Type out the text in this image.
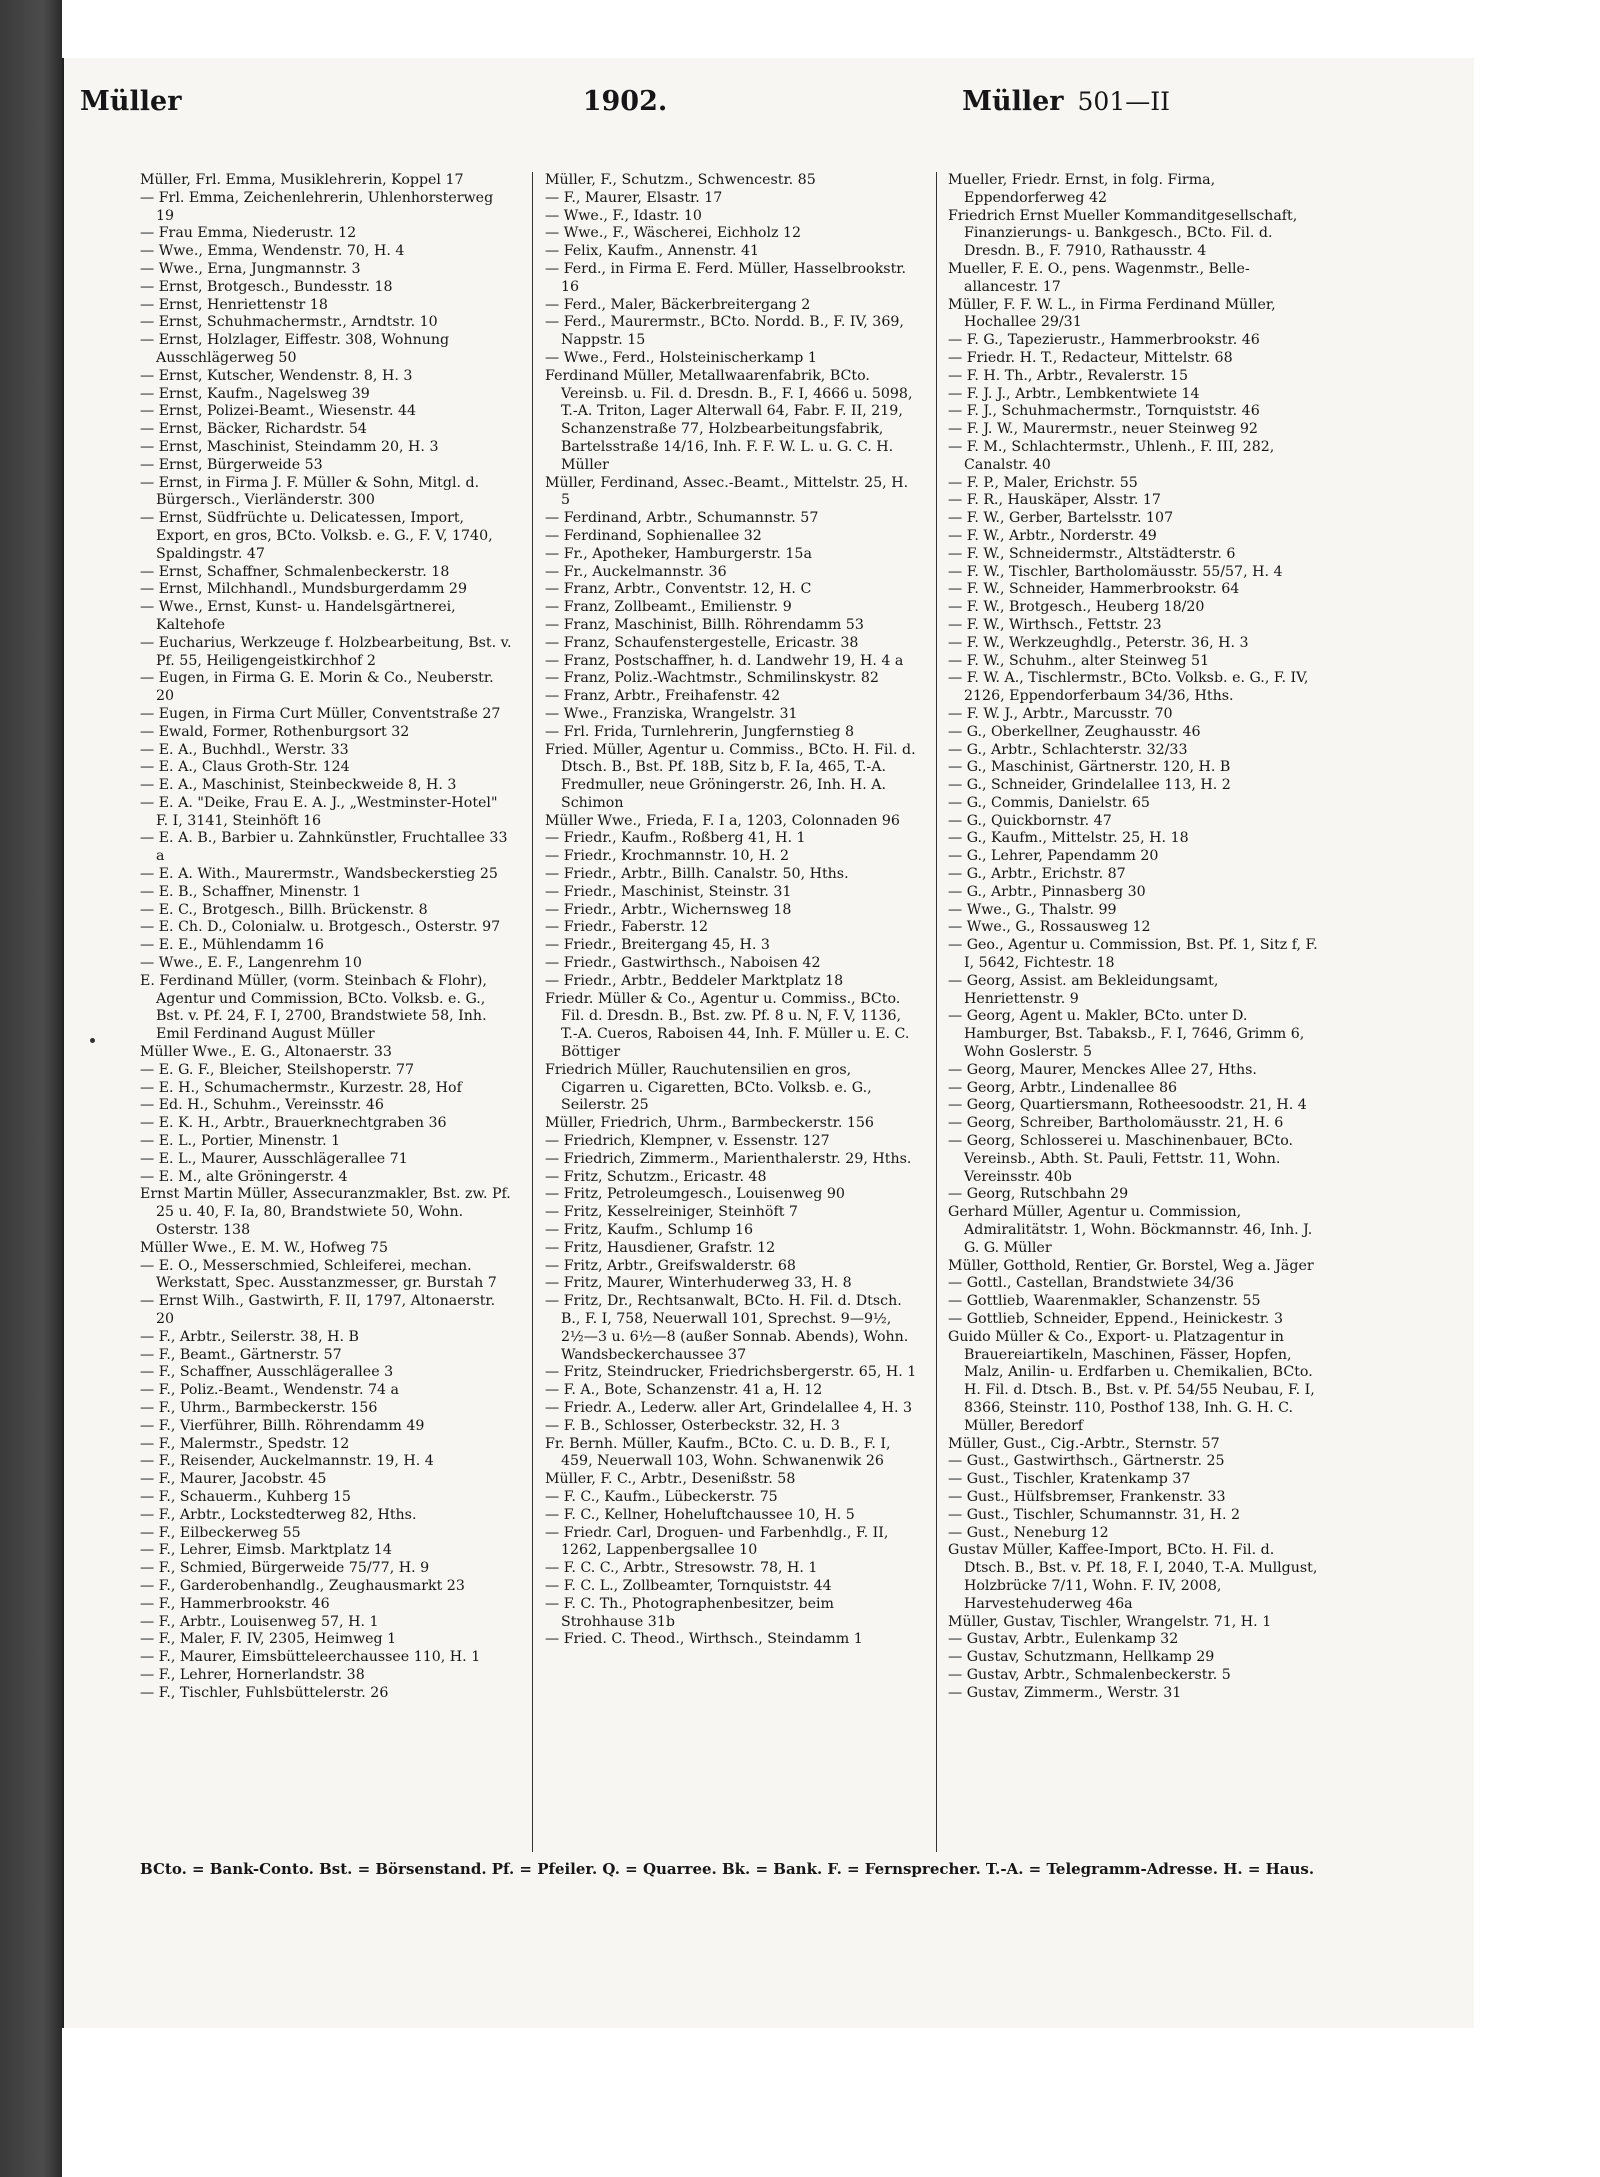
1902.
Müller	Müller 501—II

Müller, Frl. Emma, Musiklehrerin, Koppel 17

— Frl. Emma, Zeichenlehrerin, Uhlenhorsterweg 19

— Frau Emma, Niederustr. 12

— Wwe., Emma, Wendenstr. 70, H. 4

— Wwe., Erna, Jungmannstr. 3

— Ernst, Brotgesch., Bundesstr. 18

— Ernst, Henriettenstr 18

— Ernst, Schuhmachermstr., Arndtstr. 10

— Ernst, Holzlager, Eiffestr. 308, Wohnung Ausschlägerweg 50

— Ernst, Kutscher, Wendenstr. 8, H. 3

— Ernst, Kaufm., Nagelsweg 39

— Ernst, Polizei-Beamt., Wiesenstr. 44

— Ernst, Bäcker, Richardstr. 54

— Ernst, Maschinist, Steindamm 20, H. 3

— Ernst, Bürgerweide 53

— Ernst, in Firma J. F. Müller & Sohn, Mitgl. d. Bürgersch., Vierländerstr. 300

— Ernst, Südfrüchte u. Delicatessen, Import, Export, en gros, BCto. Volksb. e. G., F. V, 1740, Spaldingstr. 47

— Ernst, Schaffner, Schmalenbeckerstr. 18

— Ernst, Milchhandl., Mundsburgerdamm 29

— Wwe., Ernst, Kunst- u. Handelsgärtnerei, Kaltehofe

— Eucharius, Werkzeuge f. Holzbearbeitung, Bst. v. Pf. 55, Heiligengeistkirchhof 2

— Eugen, in Firma G. E. Morin & Co., Neuberstr. 20

— Eugen, in Firma Curt Müller, Conventstraße 27

— Ewald, Former, Rothenburgsort 32

— E. A., Buchhdl., Werstr. 33

— E. A., Claus Groth-Str. 124

— E. A., Maschinist, Steinbeckweide 8, H. 3

— E. A. "Deike, Frau E. A. J., „Westminster-Hotel" F. I, 3141, Steinhöft 16

— E. A. B., Barbier u. Zahnkünstler, Fruchtallee 33 a

— E. A. With., Maurermstr., Wandsbeckerstieg 25

— E. B., Schaffner, Minenstr. 1

— E. C., Brotgesch., Billh. Brückenstr. 8

— E. Ch. D., Colonialw. u. Brotgesch., Osterstr. 97

— E. E., Mühlendamm 16

— Wwe., E. F., Langenrehm 10

E. Ferdinand Müller, (vorm. Steinbach & Flohr), Agentur und Commission, BCto. Volksb. e. G., Bst. v. Pf. 24, F. I, 2700, Brandstwiete 58, Inh. Emil Ferdinand August Müller

Müller Wwe., E. G., Altonaerstr. 33

— E. G. F., Bleicher, Steilshoperstr. 77

— E. H., Schumachermstr., Kurzestr. 28, Hof

— Ed. H., Schuhm., Vereinsstr. 46

— E. K. H., Arbtr., Brauerknechtgraben 36

— E. L., Portier, Minenstr. 1

— E. L., Maurer, Ausschlägerallee 71

— E. M., alte Gröningerstr. 4

Ernst Martin Müller, Assecuranzmakler, Bst. zw. Pf. 25 u. 40, F. Ia, 80, Brandstwiete 50, Wohn. Osterstr. 138

Müller Wwe., E. M. W., Hofweg 75

— E. O., Messerschmied, Schleiferei, mechan. Werkstatt, Spec. Ausstanzmesser, gr. Burstah 7

— Ernst Wilh., Gastwirth, F. II, 1797, Altonaerstr. 20

— F., Arbtr., Seilerstr. 38, H. B

— F., Beamt., Gärtnerstr. 57

— F., Schaffner, Ausschlägerallee 3

— F., Poliz.-Beamt., Wendenstr. 74 a

— F., Uhrm., Barmbeckerstr. 156

— F., Vierführer, Billh. Röhrendamm 49

— F., Malermstr., Spedstr. 12

— F., Reisender, Auckelmannstr. 19, H. 4

— F., Maurer, Jacobstr. 45

— F., Schauerm., Kuhberg 15

— F., Arbtr., Lockstedterweg 82, Hths.

— F., Eilbeckerweg 55

— F., Lehrer, Eimsb. Marktplatz 14

— F., Schmied, Bürgerweide 75/77, H. 9

— F., Garderobenhandlg., Zeughausmarkt 23

— F., Hammerbrookstr. 46

— F., Arbtr., Louisenweg 57, H. 1

— F., Maler, F. IV, 2305, Heimweg 1

— F., Maurer, Eimsbütteleerchaussee 110, H. 1

— F., Lehrer, Hornerlandstr. 38

— F., Tischler, Fuhlsbüttelerstr. 26

Müller, F., Schutzm., Schwencestr. 85

— F., Maurer, Elsastr. 17

— Wwe., F., Idastr. 10

— Wwe., F., Wäscherei, Eichholz 12

— Felix, Kaufm., Annenstr. 41

— Ferd., in Firma E. Ferd. Müller, Hasselbrookstr. 16

— Ferd., Maler, Bäckerbreitergang 2

— Ferd., Maurermstr., BCto. Nordd. B., F. IV, 369, Nappstr. 15

— Wwe., Ferd., Holsteinischerkamp 1

Ferdinand Müller, Metallwaarenfabrik, BCto. Vereinsb. u. Fil. d. Dresdn. B., F. I, 4666 u. 5098, T.-A. Triton, Lager Alterwall 64, Fabr. F. II, 219, Schanzenstraße 77, Holzbearbeitungsfabrik, Bartelsstraße 14/16, Inh. F. F. W. L. u. G. C. H. Müller

Müller, Ferdinand, Assec.-Beamt., Mittelstr. 25, H. 5

— Ferdinand, Arbtr., Schumannstr. 57

— Ferdinand, Sophienallee 32

— Fr., Apotheker, Hamburgerstr. 15a

— Fr., Auckelmannstr. 36

— Franz, Arbtr., Conventstr. 12, H. C

— Franz, Zollbeamt., Emilienstr. 9

— Franz, Maschinist, Billh. Röhrendamm 53

— Franz, Schaufenstergestelle, Ericastr. 38

— Franz, Postschaffner, h. d. Landwehr 19, H. 4 a

— Franz, Poliz.-Wachtmstr., Schmilinskystr. 82

— Franz, Arbtr., Freihafenstr. 42

— Wwe., Franziska, Wrangelstr. 31

— Frl. Frida, Turnlehrerin, Jungfernstieg 8

Fried. Müller, Agentur u. Commiss., BCto. H. Fil. d. Dtsch. B., Bst. Pf. 18B, Sitz b, F. Ia, 465, T.-A. Fredmuller, neue Gröningerstr. 26, Inh. H. A. Schimon

Müller Wwe., Frieda, F. I a, 1203, Colonnaden 96

— Friedr., Kaufm., Roßberg 41, H. 1

— Friedr., Krochmannstr. 10, H. 2

— Friedr., Arbtr., Billh. Canalstr. 50, Hths.

— Friedr., Maschinist, Steinstr. 31

— Friedr., Arbtr., Wichernsweg 18

— Friedr., Faberstr. 12

— Friedr., Breitergang 45, H. 3

— Friedr., Gastwirthsch., Naboisen 42

— Friedr., Arbtr., Beddeler Marktplatz 18

Friedr. Müller & Co., Agentur u. Commiss., BCto. Fil. d. Dresdn. B., Bst. zw. Pf. 8 u. N, F. V, 1136, T.-A. Cueros, Raboisen 44, Inh. F. Müller u. E. C. Böttiger

Friedrich Müller, Rauchutensilien en gros, Cigarren u. Cigaretten, BCto. Volksb. e. G., Seilerstr. 25

Müller, Friedrich, Uhrm., Barmbeckerstr. 156

— Friedrich, Klempner, v. Essenstr. 127

— Friedrich, Zimmerm., Marienthalerstr. 29, Hths.

— Fritz, Schutzm., Ericastr. 48

— Fritz, Petroleumgesch., Louisenweg 90

— Fritz, Kesselreiniger, Steinhöft 7

— Fritz, Kaufm., Schlump 16

— Fritz, Hausdiener, Grafstr. 12

— Fritz, Arbtr., Greifswalderstr. 68

— Fritz, Maurer, Winterhuderweg 33, H. 8

— Fritz, Dr., Rechtsanwalt, BCto. H. Fil. d. Dtsch. B., F. I, 758, Neuerwall 101, Sprechst. 9—9½, 2½—3 u. 6½—8 (außer Sonnab. Abends), Wohn. Wandsbeckerchaussee 37

— Fritz, Steindrucker, Friedrichsbergerstr. 65, H. 1

— F. A., Bote, Schanzenstr. 41 a, H. 12

— Friedr. A., Lederw. aller Art, Grindelallee 4, H. 3

— F. B., Schlosser, Osterbeckstr. 32, H. 3

Fr. Bernh. Müller, Kaufm., BCto. C. u. D. B., F. I, 459, Neuerwall 103, Wohn. Schwanenwik 26

Müller, F. C., Arbtr., Desenißstr. 58

— F. C., Kaufm., Lübeckerstr. 75

— F. C., Kellner, Hoheluftchaussee 10, H. 5

— Friedr. Carl, Droguen- und Farbenhdlg., F. II, 1262, Lappenbergsallee 10

— F. C. C., Arbtr., Stresowstr. 78, H. 1

— F. C. L., Zollbeamter, Tornquiststr. 44

— F. C. Th., Photographenbesitzer, beim Strohhause 31b

— Fried. C. Theod., Wirthsch., Steindamm 1

Mueller, Friedr. Ernst, in folg. Firma, Eppendorferweg 42

Friedrich Ernst Mueller Kommanditgesellschaft, Finanzierungs- u. Bankgesch., BCto. Fil. d. Dresdn. B., F. 7910, Rathausstr. 4

Mueller, F. E. O., pens. Wagenmstr., Belle-allancestr. 17

Müller, F. F. W. L., in Firma Ferdinand Müller, Hochallee 29/31

— F. G., Tapezierustr., Hammerbrookstr. 46

— Friedr. H. T., Redacteur, Mittelstr. 68

— F. H. Th., Arbtr., Revalerstr. 15

— F. J. J., Arbtr., Lembkentwiete 14

— F. J., Schuhmachermstr., Tornquiststr. 46

— F. J. W., Maurermstr., neuer Steinweg 92

— F. M., Schlachtermstr., Uhlenh., F. III, 282, Canalstr. 40

— F. P., Maler, Erichstr. 55

— F. R., Hauskäper, Alsstr. 17

— F. W., Gerber, Bartelsstr. 107

— F. W., Arbtr., Norderstr. 49

— F. W., Schneidermstr., Altstädterstr. 6

— F. W., Tischler, Bartholomäusstr. 55/57, H. 4

— F. W., Schneider, Hammerbrookstr. 64

— F. W., Brotgesch., Heuberg 18/20

— F. W., Wirthsch., Fettstr. 23

— F. W., Werkzeughdlg., Peterstr. 36, H. 3

— F. W., Schuhm., alter Steinweg 51

— F. W. A., Tischlermstr., BCto. Volksb. e. G., F. IV, 2126, Eppendorferbaum 34/36, Hths.

— F. W. J., Arbtr., Marcusstr. 70

— G., Oberkellner, Zeughausstr. 46

— G., Arbtr., Schlachterstr. 32/33

— G., Maschinist, Gärtnerstr. 120, H. B

— G., Schneider, Grindelallee 113, H. 2

— G., Commis, Danielstr. 65

— G., Quickbornstr. 47

— G., Kaufm., Mittelstr. 25, H. 18

— G., Lehrer, Papendamm 20

— G., Arbtr., Erichstr. 87

— G., Arbtr., Pinnasberg 30

— Wwe., G., Thalstr. 99

— Wwe., G., Rossausweg 12

— Geo., Agentur u. Commission, Bst. Pf. 1, Sitz f, F. I, 5642, Fichtestr. 18

— Georg, Assist. am Bekleidungsamt, Henriettenstr. 9

— Georg, Agent u. Makler, BCto. unter D. Hamburger, Bst. Tabaksb., F. I, 7646, Grimm 6, Wohn Goslerstr. 5

— Georg, Maurer, Menckes Allee 27, Hths.

— Georg, Arbtr., Lindenallee 86

— Georg, Quartiersmann, Rotheesoodstr. 21, H. 4

— Georg, Schreiber, Bartholomäusstr. 21, H. 6

— Georg, Schlosserei u. Maschinenbauer, BCto. Vereinsb., Abth. St. Pauli, Fettstr. 11, Wohn. Vereinsstr. 40b

— Georg, Rutschbahn 29

Gerhard Müller, Agentur u. Commission, Admiralitätstr. 1, Wohn. Böckmannstr. 46, Inh. J. G. G. Müller

Müller, Gotthold, Rentier, Gr. Borstel, Weg a. Jäger

— Gottl., Castellan, Brandstwiete 34/36

— Gottlieb, Waarenmakler, Schanzenstr. 55

— Gottlieb, Schneider, Eppend., Heinickestr. 3

Guido Müller & Co., Export- u. Platzagentur in Brauereiartikeln, Maschinen, Fässer, Hopfen, Malz, Anilin- u. Erdfarben u. Chemikalien, BCto. H. Fil. d. Dtsch. B., Bst. v. Pf. 54/55 Neubau, F. I, 8366, Steinstr. 110, Posthof 138, Inh. G. H. C. Müller, Beredorf

Müller, Gust., Cig.-Arbtr., Sternstr. 57

— Gust., Gastwirthsch., Gärtnerstr. 25

— Gust., Tischler, Kratenkamp 37

— Gust., Hülfsbremser, Frankenstr. 33

— Gust., Tischler, Schumannstr. 31, H. 2

— Gust., Neneburg 12

Gustav Müller, Kaffee-Import, BCto. H. Fil. d. Dtsch. B., Bst. v. Pf. 18, F. I, 2040, T.-A. Mullgust, Holzbrücke 7/11, Wohn. F. IV, 2008, Harvestehuderweg 46a

Müller, Gustav, Tischler, Wrangelstr. 71, H. 1

— Gustav, Arbtr., Eulenkamp 32

— Gustav, Schutzmann, Hellkamp 29

— Gustav, Arbtr., Schmalenbeckerstr. 5

— Gustav, Zimmerm., Werstr. 31

BCto. = Bank-Conto. Bst. = Börsenstand. Pf. = Pfeiler. Q. = Quarree. Bk. = Bank. F. = Fernsprecher. T.-A. = Telegramm-Adresse. H. = Haus.
